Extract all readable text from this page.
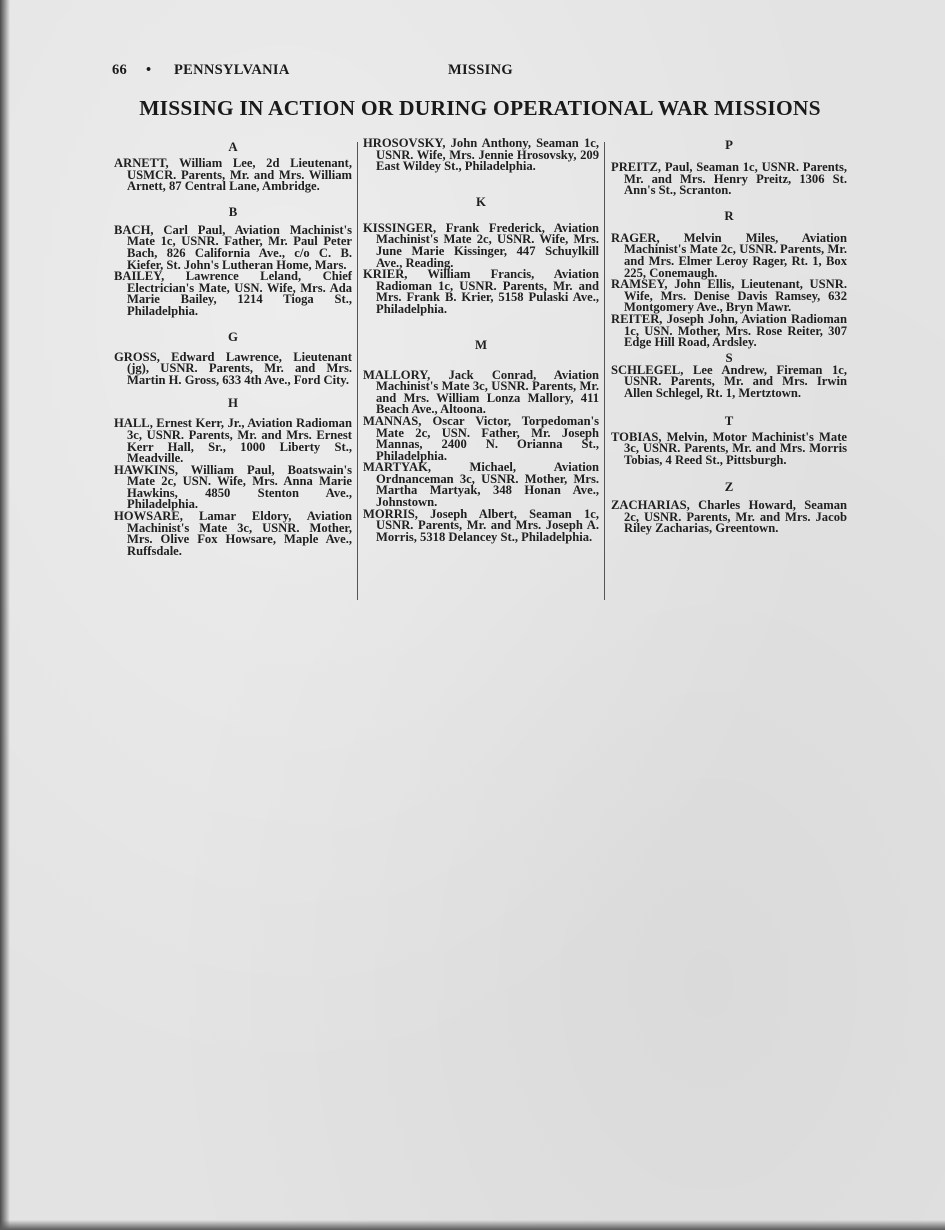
66 • PENNSYLVANIA	MISSING
MISSING IN ACTION OR DURING OPERATIONAL WAR MISSIONS
A
ARNETT, William Lee, 2d Lieutenant, USMCR. Parents, Mr. and Mrs. William Arnett, 87 Central Lane, Ambridge.
B
BACH, Carl Paul, Aviation Machinist's Mate 1c, USNR. Father, Mr. Paul Peter Bach, 826 California Ave., c/o C. B. Kiefer, St. John's Lutheran Home, Mars.
BAILEY, Lawrence Leland, Chief Electrician's Mate, USN. Wife, Mrs. Ada Marie Bailey, 1214 Tioga St., Philadelphia.
G
GROSS, Edward Lawrence, Lieutenant (jg), USNR. Parents, Mr. and Mrs. Martin H. Gross, 633 4th Ave., Ford City.
H
HALL, Ernest Kerr, Jr., Aviation Radioman 3c, USNR. Parents, Mr. and Mrs. Ernest Kerr Hall, Sr., 1000 Liberty St., Meadville.
HAWKINS, William Paul, Boatswain's Mate 2c, USN. Wife, Mrs. Anna Marie Hawkins, 4850 Stenton Ave., Philadelphia.
HOWSARE, Lamar Eldory, Aviation Machinist's Mate 3c, USNR. Mother, Mrs. Olive Fox Howsare, Maple Ave., Ruffsdale.
HROSOVSKY, John Anthony, Seaman 1c, USNR. Wife, Mrs. Jennie Hrosovsky, 209 East Wildey St., Philadelphia.
K
KISSINGER, Frank Frederick, Aviation Machinist's Mate 2c, USNR. Wife, Mrs. June Marie Kissinger, 447 Schuylkill Ave., Reading.
KRIER, William Francis, Aviation Radioman 1c, USNR. Parents, Mr. and Mrs. Frank B. Krier, 5158 Pulaski Ave., Philadelphia.
M
MALLORY, Jack Conrad, Aviation Machinist's Mate 3c, USNR. Parents, Mr. and Mrs. William Lonza Mallory, 411 Beach Ave., Altoona.
MANNAS, Oscar Victor, Torpedoman's Mate 2c, USN. Father, Mr. Joseph Mannas, 2400 N. Orianna St., Philadelphia.
MARTYAK, Michael, Aviation Ordnanceman 3c, USNR. Mother, Mrs. Martha Martyak, 348 Honan Ave., Johnstown.
MORRIS, Joseph Albert, Seaman 1c, USNR. Parents, Mr. and Mrs. Joseph A. Morris, 5318 Delancey St., Philadelphia.
P
PREITZ, Paul, Seaman 1c, USNR. Parents, Mr. and Mrs. Henry Preitz, 1306 St. Ann's St., Scranton.
R
RAGER, Melvin Miles, Aviation Machinist's Mate 2c, USNR. Parents, Mr. and Mrs. Elmer Leroy Rager, Rt. 1, Box 225, Conemaugh.
RAMSEY, John Ellis, Lieutenant, USNR. Wife, Mrs. Denise Davis Ramsey, 632 Montgomery Ave., Bryn Mawr.
REITER, Joseph John, Aviation Radioman 1c, USN. Mother, Mrs. Rose Reiter, 307 Edge Hill Road, Ardsley.
S
SCHLEGEL, Lee Andrew, Fireman 1c, USNR. Parents, Mr. and Mrs. Irwin Allen Schlegel, Rt. 1, Mertztown.
T
TOBIAS, Melvin, Motor Machinist's Mate 3c, USNR. Parents, Mr. and Mrs. Morris Tobias, 4 Reed St., Pittsburgh.
Z
ZACHARIAS, Charles Howard, Seaman 2c, USNR. Parents, Mr. and Mrs. Jacob Riley Zacharias, Greentown.
